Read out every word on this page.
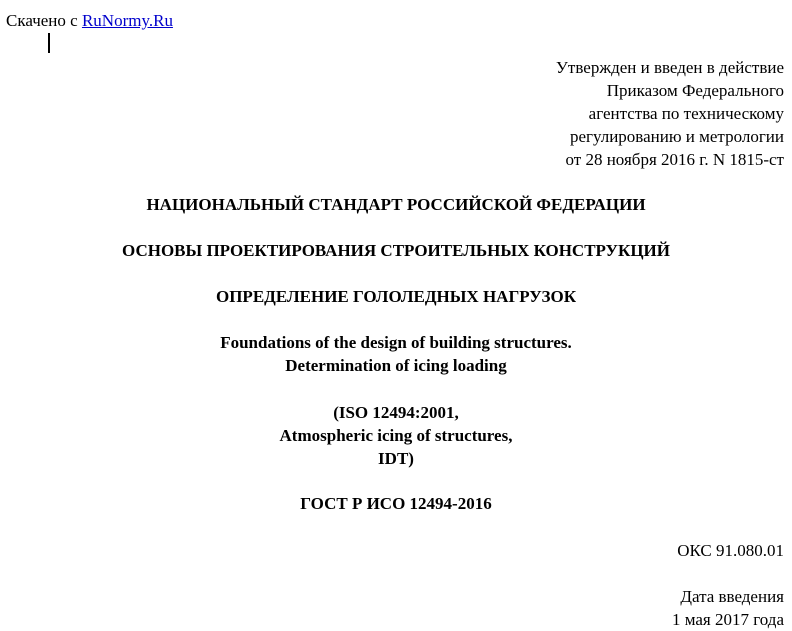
Скачено с RuNormy.Ru
Утвержден и введен в действие
Приказом Федерального
агентства по техническому
регулированию и метрологии
от 28 ноября 2016 г. N 1815-ст
НАЦИОНАЛЬНЫЙ СТАНДАРТ РОССИЙСКОЙ ФЕДЕРАЦИИ
ОСНОВЫ ПРОЕКТИРОВАНИЯ СТРОИТЕЛЬНЫХ КОНСТРУКЦИЙ
ОПРЕДЕЛЕНИЕ ГОЛОЛЕДНЫХ НАГРУЗОК
Foundations of the design of building structures.
Determination of icing loading
(ISO 12494:2001,
Atmospheric icing of structures,
IDT)
ГОСТ Р ИСО 12494-2016
ОКС 91.080.01
Дата введения
1 мая 2017 года
